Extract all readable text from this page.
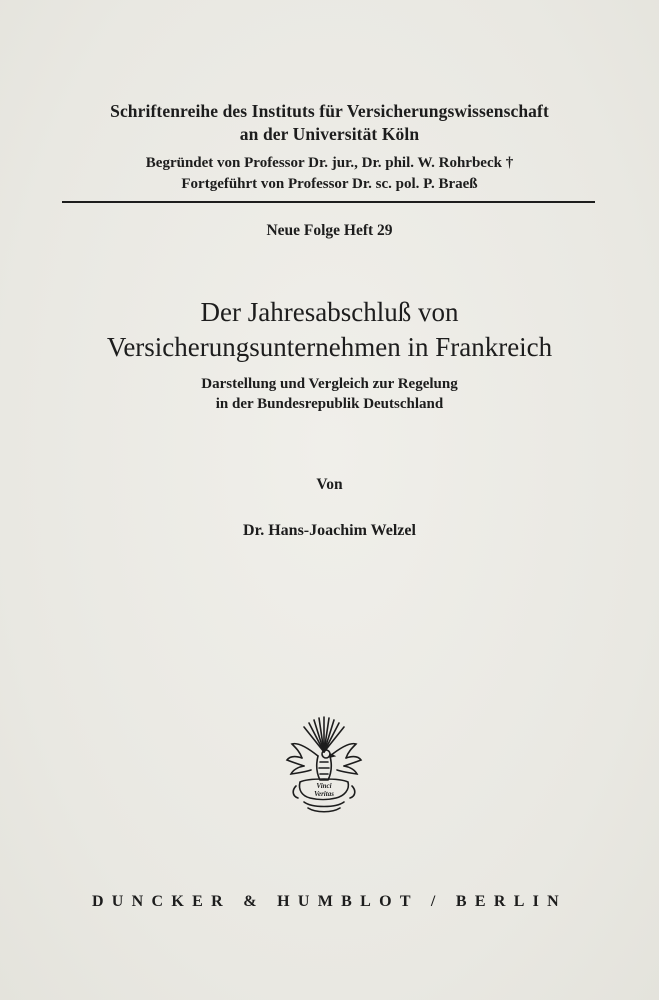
Schriftenreihe des Instituts für Versicherungswissenschaft
an der Universität Köln
Begründet von Professor Dr. jur., Dr. phil. W. Rohrbeck †
Fortgeführt von Professor Dr. sc. pol. P. Braeß
Neue Folge Heft 29
Der Jahresabschluß von
Versicherungsunternehmen in Frankreich
Darstellung und Vergleich zur Regelung
in der Bundesrepublik Deutschland
Von
Dr. Hans-Joachim Welzel
Vinci
Veritas
DUNCKER & HUMBLOT / BERLIN
